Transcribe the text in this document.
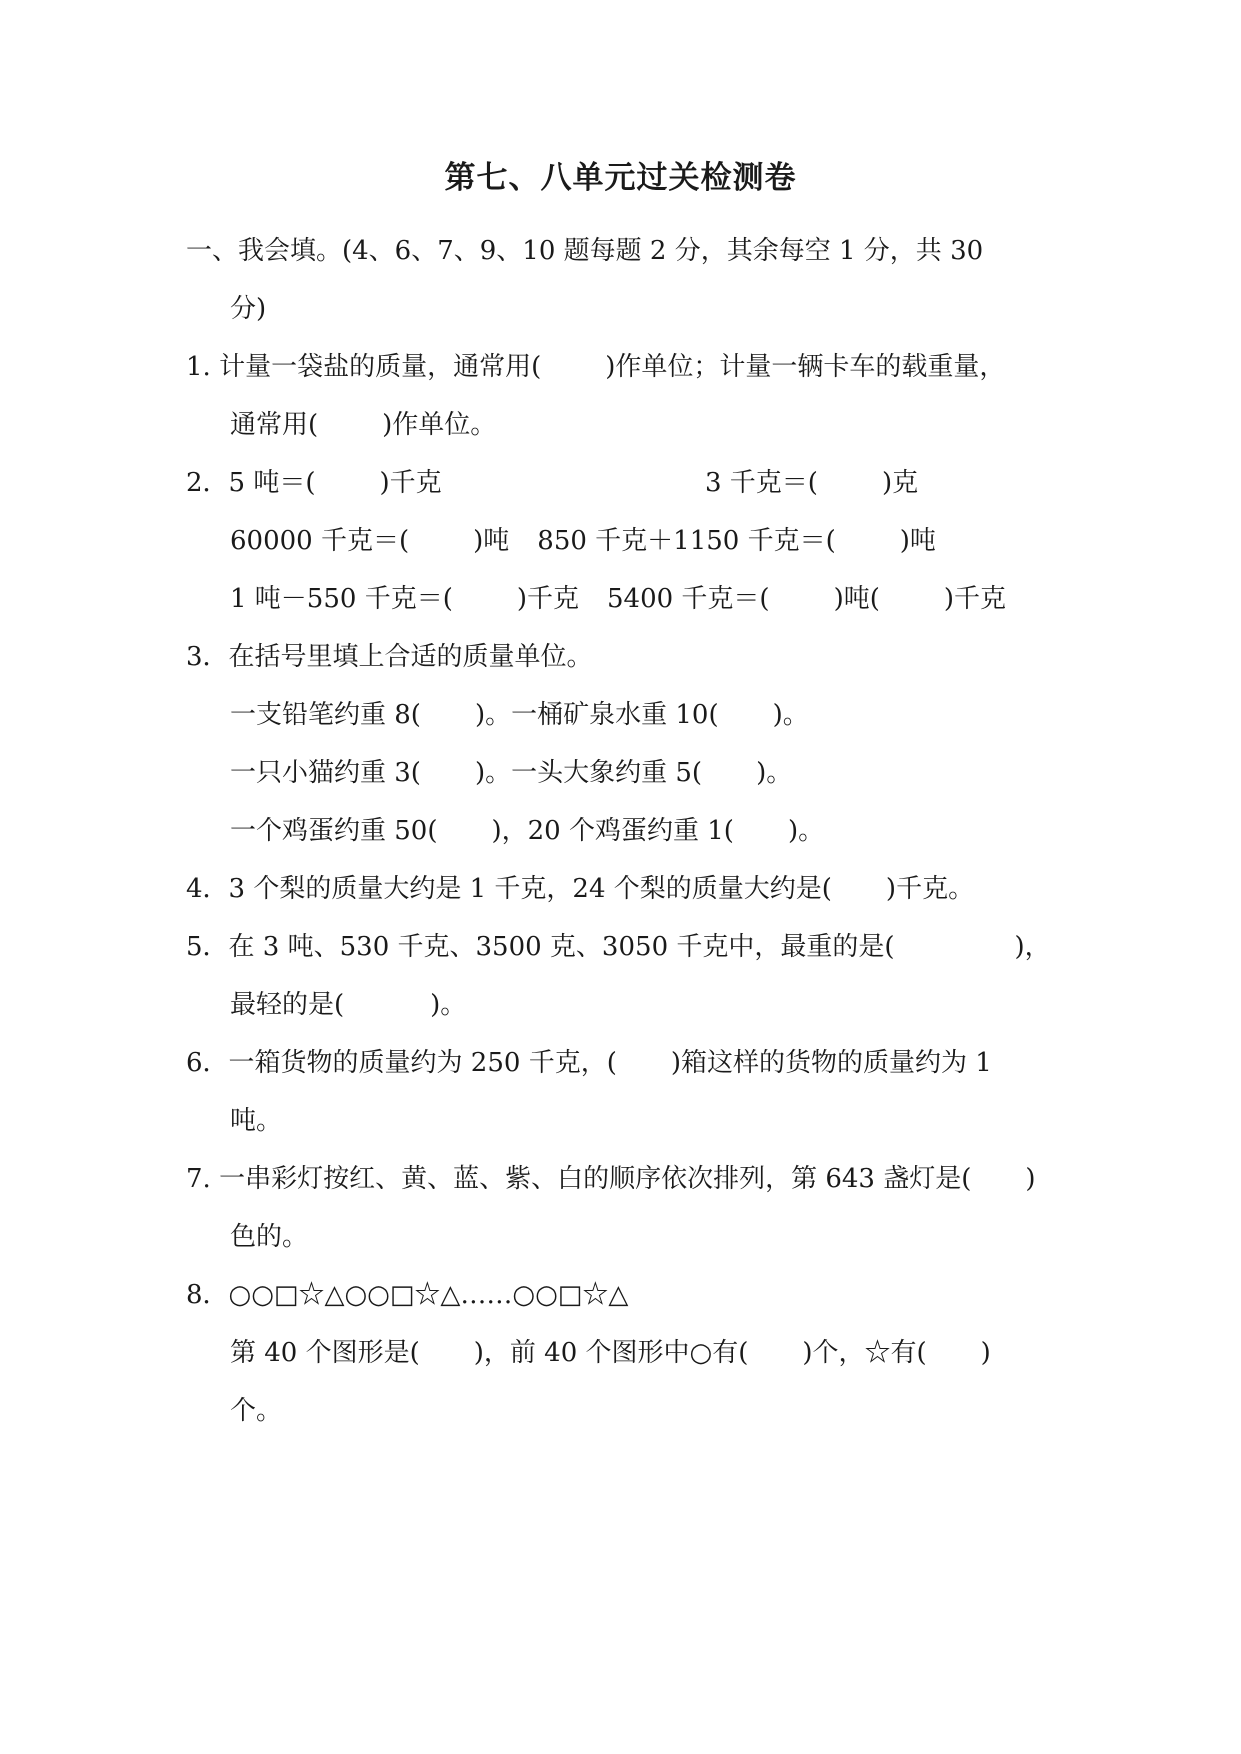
第七、八单元过关检测卷
一、我会填。(4、6、7、9、10 题每题 2 分，其余每空 1 分，共 30
分)
1. 计量一袋盐的质量，通常用( )作单位；计量一辆卡车的载重量，
通常用( )作单位。
2．5 吨＝( )千克	3 千克＝( )克
60000 千克＝( )吨 850 千克＋1150 千克＝( )吨
1 吨－550 千克＝( )千克 5400 千克＝( )吨( )千克
3．在括号里填上合适的质量单位。
一支铅笔约重 8( )。一桶矿泉水重 10( )。
一只小猫约重 3( )。一头大象约重 5( )。
一个鸡蛋约重 50( )，20 个鸡蛋约重 1( )。
4．3 个梨的质量大约是 1 千克，24 个梨的质量大约是( )千克。
5．在 3 吨、530 千克、3500 克、3050 千克中，最重的是(	)，
最轻的是(	)。
6．一箱货物的质量约为 250 千克，( )箱这样的货物的质量约为 1
吨。
7. 一串彩灯按红、黄、蓝、紫、白的顺序依次排列，第 643 盏灯是( )
色的。
8．○○□☆△○○□☆△……○○□☆△
第 40 个图形是( )，前 40 个图形中○有( )个，☆有( )
个。
